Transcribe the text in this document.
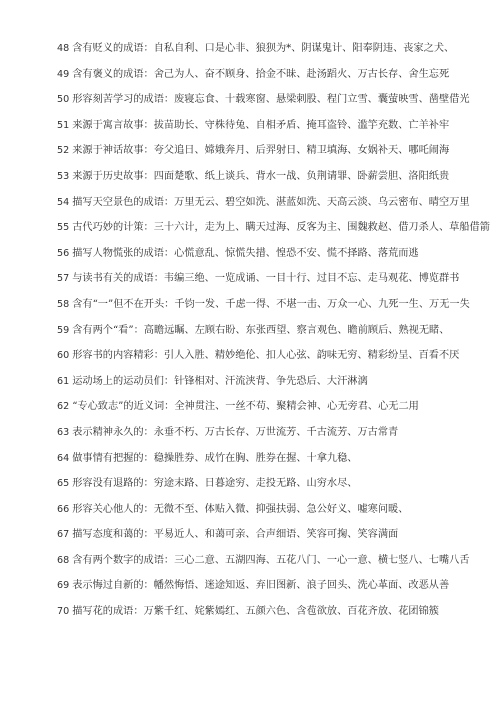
48 含有贬义的成语：自私自利、口是心非、狼狈为*、阴谋鬼计、阳奉阴违、丧家之犬、
49 含有褒义的成语：舍己为人、奋不顾身、拾金不昧、赴汤蹈火、万古长存、舍生忘死
50 形容刻苦学习的成语：废寝忘食、十载寒窗、悬梁刺股、程门立雪、囊萤映雪、凿壁借光
51 来源于寓言故事：拔苗助长、守株待兔、自相矛盾、掩耳盗铃、滥竽充数、亡羊补牢
52 来源于神话故事：夸父追日、嫦娥奔月、后羿射日、精卫填海、女娲补天、哪吒闹海
53 来源于历史故事：四面楚歌、纸上谈兵、背水一战、负荆请罪、卧薪尝胆、洛阳纸贵
54 描写天空景色的成语：万里无云、碧空如洗、湛蓝如洗、天高云淡、乌云密布、晴空万里
55 古代巧妙的计策：三十六计，走为上、瞒天过海、反客为主、围魏救赵、借刀杀人、草船借箭
56 描写人物慌张的成语：心慌意乱、惊慌失措、惶恐不安、慌不择路、落荒而逃
57 与读书有关的成语：韦编三绝、一览成诵、一目十行、过目不忘、走马观花、博览群书
58 含有“一”但不在开头：千钧一发、千虑一得、不堪一击、万众一心、九死一生、万无一失
59 含有两个“看”：高瞻远瞩、左顾右盼、东张西望、察言观色、瞻前顾后、熟视无睹、
60 形容书的内容精彩：引人入胜、精妙绝伦、扣人心弦、韵味无穷、精彩纷呈、百看不厌
61 运动场上的运动员们：针锋相对、汗流浃背、争先恐后、大汗淋漓
62 “专心致志”的近义词：全神贯注、一丝不苟、聚精会神、心无旁君、心无二用
63 表示精神永久的：永垂不朽、万古长存、万世流芳、千古流芳、万古常青
64 做事情有把握的：稳操胜券、成竹在胸、胜券在握、十拿九稳、
65 形容没有退路的：穷途末路、日暮途穷、走投无路、山穷水尽、
66 形容关心他人的：无微不至、体贴入微、抑强扶弱、急公好义、嘘寒问暖、
67 描写态度和蔼的：平易近人、和蔼可亲、合声细语、笑容可掬、笑容满面
68 含有两个数字的成语：三心二意、五湖四海、五花八门、一心一意、横七竖八、七嘴八舌
69 表示悔过自新的：幡然悔悟、迷途知返、弃旧图新、浪子回头、洗心革面、改恶从善
70 描写花的成语：万紫千红、姹紫嫣红、五颜六色、含苞欲放、百花齐放、花团锦簇
